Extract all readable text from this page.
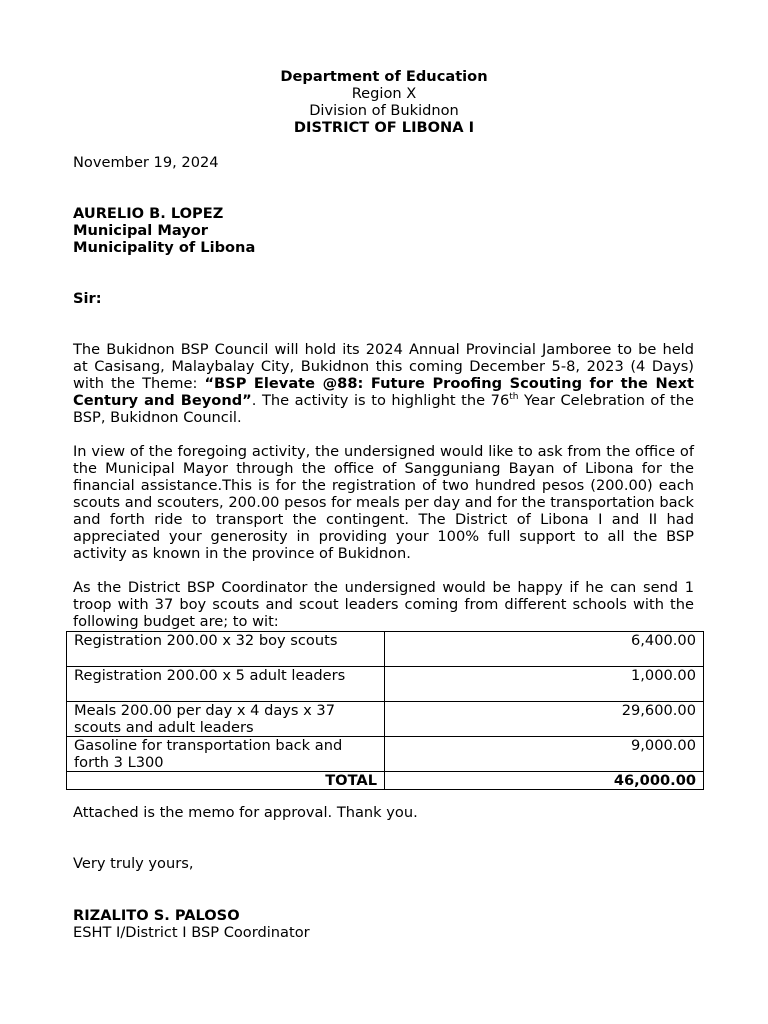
Department of Education
Region X
Division of Bukidnon
DISTRICT OF LIBONA I
November 19, 2024
AURELIO B. LOPEZ
Municipal Mayor
Municipality of Libona
Sir:

The Bukidnon BSP Council will hold its 2024 Annual Provincial Jamboree to be held at Casisang, Malaybalay City, Bukidnon this coming December 5-8, 2023 (4 Days) with the Theme: “BSP Elevate @88: Future Proofing Scouting for the Next Century and Beyond”. The activity is to highlight the 76th Year Celebration of the BSP, Bukidnon Council.

In view of the foregoing activity, the undersigned would like to ask from the office of the Municipal Mayor through the office of Sangguniang Bayan of Libona for the financial assistance.This is for the registration of two hundred pesos (200.00) each scouts and scouters, 200.00 pesos for meals per day and for the transportation back and forth ride to transport the contingent. The District of Libona I and II had appreciated your generosity in providing your 100% full support to all the BSP activity as known in the province of Bukidnon.

As the District BSP Coordinator the undersigned would be happy if he can send 1 troop with 37 boy scouts and scout leaders coming from different schools with the following budget are; to wit:

Registration 200.00 x 32 boy scouts	6,400.00
Registration 200.00 x 5 adult leaders	1,000.00
Meals 200.00 per day x 4 days x 37 scouts and adult leaders	29,600.00
Gasoline for transportation back and forth 3 L300	9,000.00
TOTAL	46,000.00
Attached is the memo for approval. Thank you.
Very truly yours,
RIZALITO S. PALOSO
ESHT I/District I BSP Coordinator
